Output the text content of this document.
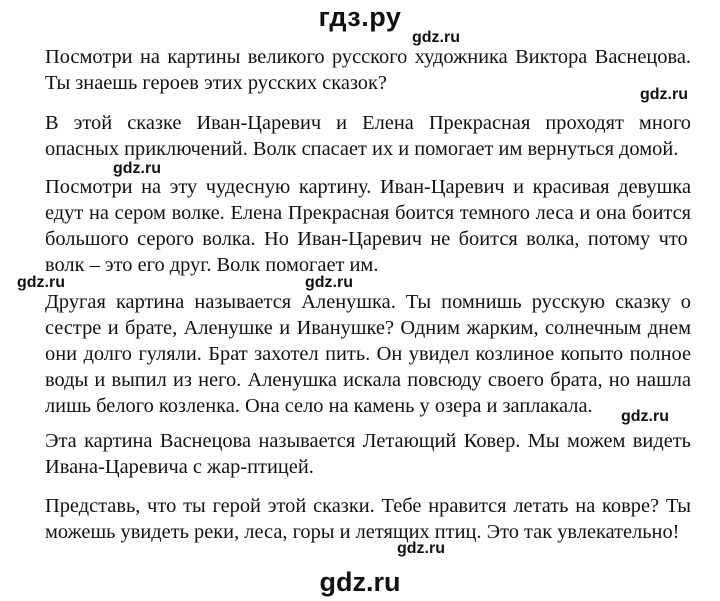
гдз.ру
gdz.ru
gdz.ru
gdz.ru
gdz.ru	gdz.ru
gdz.ru
gdz.ru
Посмотри на картины великого русского художника Виктора Васнецова.
Ты знаешь героев этих русских сказок?
В этой сказке Иван-Царевич и Елена Прекрасная проходят много
опасных приключений. Волк спасает их и помогает им вернуться домой.
Посмотри на эту чудесную картину. Иван-Царевич и красивая девушка
едут на сером волке. Елена Прекрасная боится темного леса и она боится
большого серого волка. Но Иван-Царевич не боится волка, потому что
волк – это его друг. Волк помогает им.
Другая картина называется Аленушка. Ты помнишь русскую сказку о
сестре и брате, Аленушке и Иванушке? Одним жарким, солнечным днем
они долго гуляли. Брат захотел пить. Он увидел козлиное копыто полное
воды и выпил из него. Аленушка искала повсюду своего брата, но нашла
лишь белого козленка. Она село на камень у озера и заплакала.
Эта картина Васнецова называется Летающий Ковер. Мы можем видеть
Ивана-Царевича с жар-птицей.
Представь, что ты герой этой сказки. Тебе нравится летать на ковре? Ты
можешь увидеть реки, леса, горы и летящих птиц. Это так увлекательно!
gdz.ru
